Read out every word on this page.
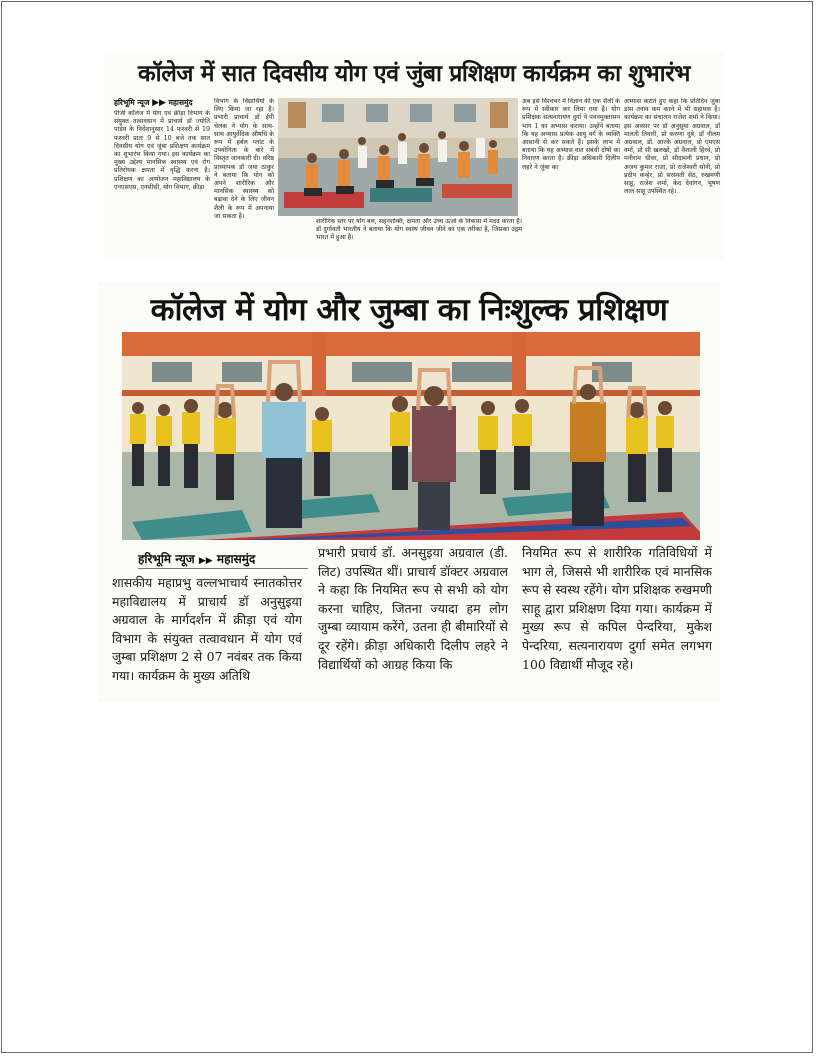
कॉलेज में सात दिवसीय योग एवं जुंबा प्रशिक्षण कार्यक्रम का शुभारंभ
हरिभूमि न्यूज ▶▶ महासमुंद
पीजी कॉलेज में योग एवं क्रीड़ा विभाग के संयुक्त तत्वावधान में प्राचार्य डॉ ज्योति पांडेय के निर्देशानुसार 14 फरवरी से 19 फरवरी प्रातः 9 से 10 बजे तक सात दिवसीय योग एवं जुंबा प्रशिक्षण कार्यक्रम का शुभारंभ किया गया। इस कार्यक्रम का मुख्य उद्देश्य मानसिक स्वास्थ्य एवं रोग प्रतिरोधक क्षमता में वृद्धि करना है। प्रशिक्षण का आयोजन महाविद्यालय के एनएसएस, एनसीसी, योग विभाग, क्रीड़ा
विभाग के विद्यार्थियों के लिए किया जा रहा है। प्रभारी प्राचार्य डॉ ईपी चेलक ने योग के साथ-साथ आयुर्वेदिक औषधि के रूप में हर्बल प्लांट के उपयोगिता के बारे में विस्तृत जानकारी दी। वरिष्ठ प्राध्यापक डॉ जया ठाकुर ने बताया कि योग को अपने शारीरिक और मानसिक स्वास्थ्य को बढ़ावा देने के लिए जीवन शैली के रूप में अपनाया जा सकता है।
शारीरिक स्तर पर योग बल, सहनशक्ति, क्षमता और उच्च ऊर्जा के विकास में मदद करता है। डॉ दुर्गावती भारतीय ने बताया कि योग स्वस्थ जीवन जीने का एक तरीका है, जिसका उद्गम भारत में हुआ है।
अब इसे विश्वभर में विज्ञान की एक शैली के रूप में स्वीकार कर लिया गया है। योग प्रशिक्षक सत्यनारायण दुर्गा ने पवनमुक्तासन भाग 1 का अभ्यास कराया। उन्होंने बताया कि यह अभ्यास प्रत्येक आयु वर्ग के व्यक्ति आसानी से कर सकते हैं। इसके लाभ में बताया कि यह अभ्यास वात संबंधी दोषों का निवारण करता है। क्रीड़ा अधिकारी दिलीप लहरे ने जुंबा का
अभ्यास कराते हुए कहा कि प्रतिदिन जुंबा डांस तनाव कम करने में भी सहायक है। कार्यक्रम का संचालन राजेश शर्मा ने किया। इस अवसर पर डॉ अनुसुया अग्रवाल, डॉ मालती तिवारी, प्रो करुणा दुबे, डॉ नीलम अग्रवाल, डॉ. आरके अग्रवाल, प्रो एमएस वर्मा, प्रो सी खलखो, डॉ वैशाली हिरवे, प्रो मनीराम धीवर, प्रो सौदामनी प्रधान, प्रो अजय कुमार राजा, प्रो राजेश्वरी सोनी, प्रो प्रदीप कन्हेर, प्रो सरस्वती सेठ, रुखमणी साहू, राजेश शर्मा, केद देवांगन, भूषण लाल साहू उपस्थित रहे।
कॉलेज में योग और जुम्बा का निःशुल्क प्रशिक्षण
हरिभूमि न्यूज ▶▶ महासमुंद
शासकीय महाप्रभु वल्लभाचार्य स्नातकोत्तर महाविद्यालय में प्राचार्य डॉ अनुसुइया अग्रवाल के मार्गदर्शन में क्रीड़ा एवं योग विभाग के संयुक्त तत्वावधान में योग एवं जुम्बा प्रशिक्षण 2 से 07 नवंबर तक किया गया। कार्यक्रम के मुख्य अतिथि
प्रभारी प्रचार्य डॉ. अनसुइया अग्रवाल (डी. लिट) उपस्थित थीं। प्राचार्य डॉक्टर अग्रवाल ने कहा कि नियमित रूप से सभी को योग करना चाहिए, जितना ज्यादा हम लोग जुम्बा व्यायाम करेंगे, उतना ही बीमारियों से दूर रहेंगे। क्रीड़ा अधिकारी दिलीप लहरे ने विद्यार्थियों को आग्रह किया कि
नियमित रूप से शारीरिक गतिविधियों में भाग ले, जिससे भी शारीरिक एवं मानसिक रूप से स्वस्थ रहेंगे। योग प्रशिक्षक रुखमणी साहू द्वारा प्रशिक्षण दिया गया। कार्यक्रम में मुख्य रूप से कपिल पेन्दरिया, मुकेश पेन्दरिया, सत्यनारायण दुर्गा समेत लगभग 100 विद्यार्थी मौजूद रहे।
